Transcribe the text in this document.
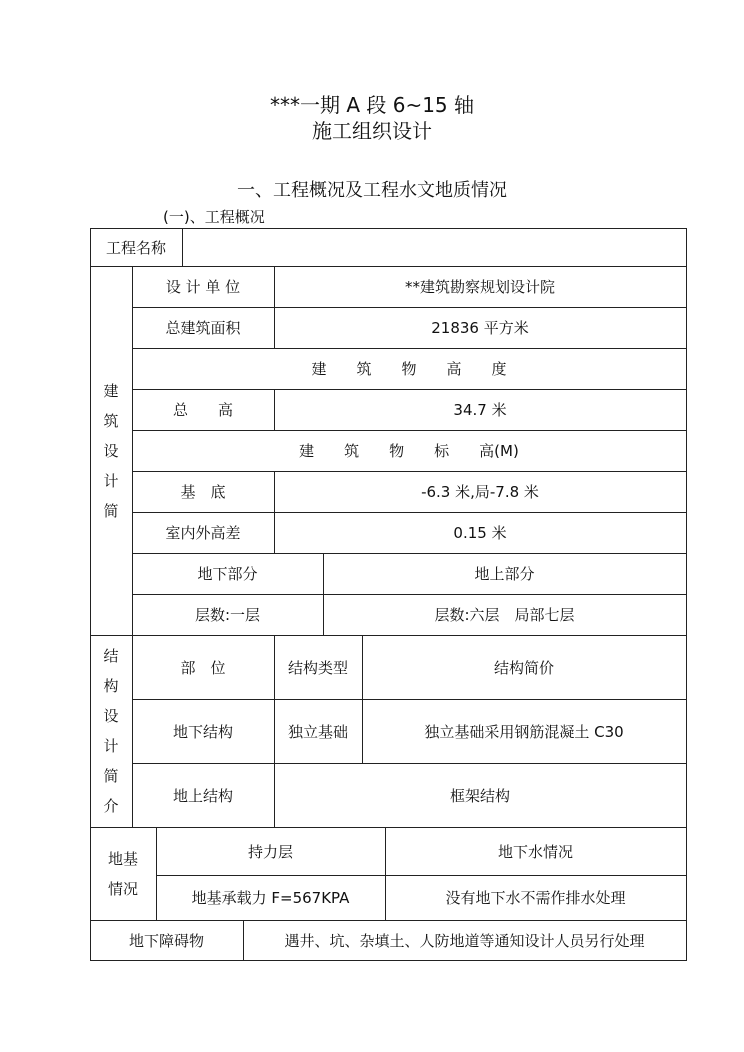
***一期 A 段 6~15 轴
施工组织设计
一、工程概况及工程水文地质情况
(一)、工程概况
工程名称
建
筑
设
计
简
设 计 单 位	**建筑勘察规划设计院
总建筑面积	21836 平方米
建　　筑　　物　　高　　度
总　　高	34.7 米
建　　筑　　物　　标　　高(M)
基　底	-6.3 米,局-7.8 米
室内外高差	0.15 米
地下部分	地上部分
层数:一层	层数:六层　局部七层
结
构
设
计
简
介
部　位	结构类型	结构简价
地下结构	独立基础	独立基础采用钢筋混凝土 C30
地上结构	框架结构
地基
情况
持力层	地下水情况
地基承载力 F=567KPA	没有地下水不需作排水处理
地下障碍物	遇井、坑、杂填土、人防地道等通知设计人员另行处理
